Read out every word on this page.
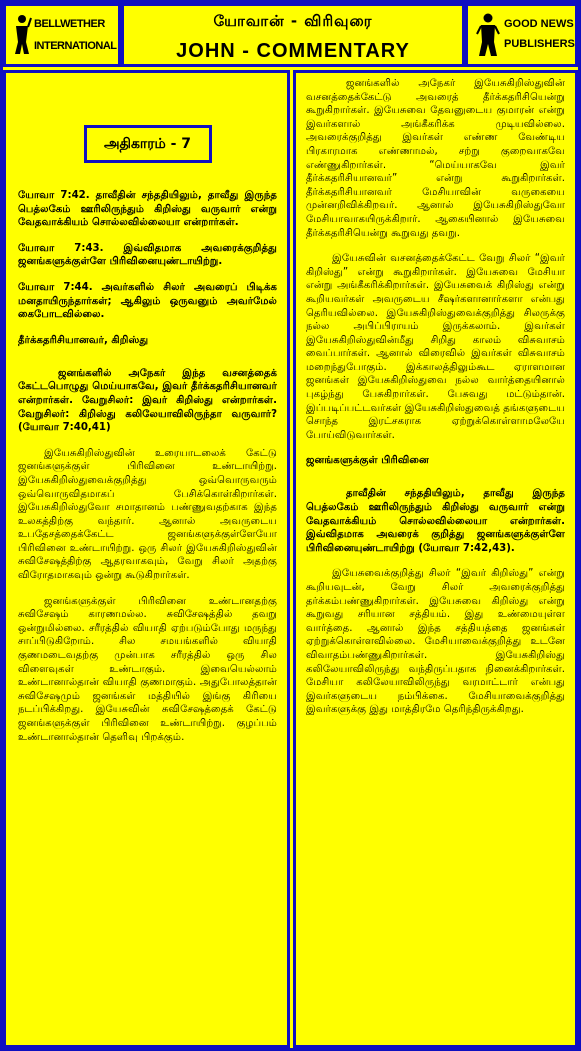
BELLWETHER
INTERNATIONAL
யோவான் - விரிவுரை
JOHN - COMMENTARY
GOOD NEWS
PUBLISHERS
அதிகாரம் - 7

யோவா 7:42. தாவீதின் சந்ததியிலும், தாவீது இருந்த பெத்லகேம் ஊரிலிருந்தும் கிறிஸ்து வருவார் என்று வேதவாக்கியம் சொல்லவில்லையா என்றார்கள்.

யோவா 7:43. இவ்விதமாக அவரைக்குறித்து ஜனங்களுக்குள்ளே பிரிவினையுண்டாயிற்று.

யோவா 7:44. அவர்களில் சிலர் அவரைப் பிடிக்க மனதாயிருந்தார்கள்; ஆகிலும் ஒருவனும் அவர்மேல் கைபோடவில்லை.

தீர்க்கதரிசியானவர், கிறிஸ்து

ஜனங்களில் அநேகர் இந்த வசனத்தைக் கேட்டபொழுது மெய்யாகவே, இவர் தீர்க்கதரிசியானவர் என்றார்கள். வேறுசிலர்: இவர் கிறிஸ்து என்றார்கள். வேறுசிலர்: கிறிஸ்து கலிலேயாவிலிருந்தா வருவார்? (யோவா 7:40,41)

இயேசுகிறிஸ்துவின் உரையாடலைக் கேட்டு ஜனங்களுக்குள் பிரிவினை உண்டாயிற்று. இயேசுகிறிஸ்துவைக்குறித்து ஒவ்வொருவரும் ஒவ்வொருவிதமாகப் பேசிக்கொள்கிறார்கள். இயேசுகிறிஸ்துவோ சமாதானம் பண்ணுவதற்காக இந்த உலகத்திற்கு வந்தார். ஆனால் அவருடைய உபதேசத்தைக்கேட்ட ஜனங்களுக்குள்ளேயோ பிரிவினை உண்டாயிற்று. ஒரு சிலர் இயேசுகிறிஸ்துவின் சுவிசேஷத்திற்கு ஆதரவாகவும், வேறு சிலர் அதற்கு விரோதமாகவும் ஒன்று கூடுகிறார்கள்.

ஜனங்களுக்குள் பிரிவினை உண்டானதற்கு சுவிசேஷம் காரணமல்ல. சுவிசேஷத்தில் தவறு ஒன்றுமில்லை. சரீரத்தில் வியாதி ஏற்படும்போது மருந்து சாப்பிடுகிறோம். சில சமயங்களில் வியாதி குணமடைவதற்கு முன்பாக சரீரத்தில் ஒரு சில விளைவுகள் உண்டாகும். இவையெல்லாம் உண்டானால்தான் வியாதி குணமாகும். அதுபோலத்தான் சுவிசேஷமும் ஜனங்கள் மத்தியில் இங்கு கிரியை நடப்பிக்கிறது. இயேசுவின் சுவிசேஷத்தைக் கேட்டு ஜனங்களுக்குள் பிரிவினை உண்டாயிற்று. குழப்பம் உண்டானால்தான் தெளிவு பிறக்கும்.

ஜனங்களில் அநேகர் இயேசுகிறிஸ்துவின் வசனத்தைக்கேட்டு அவரைத் தீர்க்கதரிசியென்று கூறுகிறார்கள். இயேசுவை தேவனுடைய குமாரன் என்று இவர்களால் அங்கீகரிக்க முடியவில்லை. அவரைக்குறித்து இவர்கள் எண்ண வேண்டிய பிரகாரமாக எண்ணாமல், சற்று குறைவாகவே எண்ணுகிறார்கள். “மெய்யாகவே இவர் தீர்க்கதரிசியானவர்” என்று கூறுகிறார்கள். தீர்க்கதரிசியானவர் மேசியாவின் வருகையை முன்னறிவிக்கிறவர். ஆனால் இயேசுகிறிஸ்துவோ மேசியாவாகயிருக்கிறார். ஆகையினால் இயேசுவை தீர்க்கதரிசியென்று கூறுவது தவறு.

இயேசுவின் வசனத்தைக்கேட்ட வேறு சிலர் “இவர் கிறிஸ்து” என்று கூறுகிறார்கள். இயேசுவை மேசியா என்று அங்கீகரிக்கிறார்கள். இயேசுவைக் கிறிஸ்து என்று கூறியவர்கள் அவருடைய சீஷர்களானார்களா என்பது தெரியவில்லை. இயேசுகிறிஸ்துவைக்குறித்து சிலருக்கு நல்ல அபிப்பிராயம் இருக்கலாம். இவர்கள் இயேசுகிறிஸ்துவின்மீது சிறிது காலம் விசுவாசம் வைப்பார்கள். ஆனால் விரைவில் இவர்கள் விசுவாசம் மறைந்துபோகும். இக்காலத்திலும்கூட ஏராளமான ஜனங்கள் இயேசுகிறிஸ்துவை நல்ல வார்த்தையினால் புகழ்ந்து பேசுகிறார்கள். பேசுவது மட்டும்தான். இப்படிப்பட்டவர்கள் இயேசுகிறிஸ்துவைத் தங்களுடைய சொந்த இரட்சகராக ஏற்றுக்கொள்ளாமலேயே போய்விடுவார்கள்.

ஜனங்களுக்குள் பிரிவினை

தாவீதின் சந்ததியிலும், தாவீது இருந்த பெத்லகேம் ஊரிலிருந்தும் கிறிஸ்து வருவார் என்று வேதவாக்கியம் சொல்லவில்லையா என்றார்கள். இவ்விதமாக அவரைக் குறித்து ஜனங்களுக்குள்ளே பிரிவினையுண்டாயிற்று (யோவா 7:42,43).

இயேசுவைக்குறித்து சிலர் “இவர் கிறிஸ்து” என்று கூறியவுடன், வேறு சிலர் அவரைக்குறித்து தர்க்கம்பண்ணுகிறார்கள். இயேசுவை கிறிஸ்து என்று கூறுவது சரியான சத்தியம். இது உண்மையுள்ள வார்த்தை. ஆனால் இந்த சத்தியத்தை ஜனங்கள் ஏற்றுக்கொள்ளவில்லை. மேசியாவைக்குறித்து உடனே விவாதம்பண்ணுகிறார்கள். இயேசுகிறிஸ்து கலிலேயாவிலிருந்து வந்திருப்பதாக நினைக்கிறார்கள். மேசியா கலிலேயாவிலிருந்து வரமாட்டார் என்பது இவர்களுடைய நம்பிக்கை. மேசியாவைக்குறித்து இவர்களுக்கு இது மாத்திரமே தெரிந்திருக்கிறது.
